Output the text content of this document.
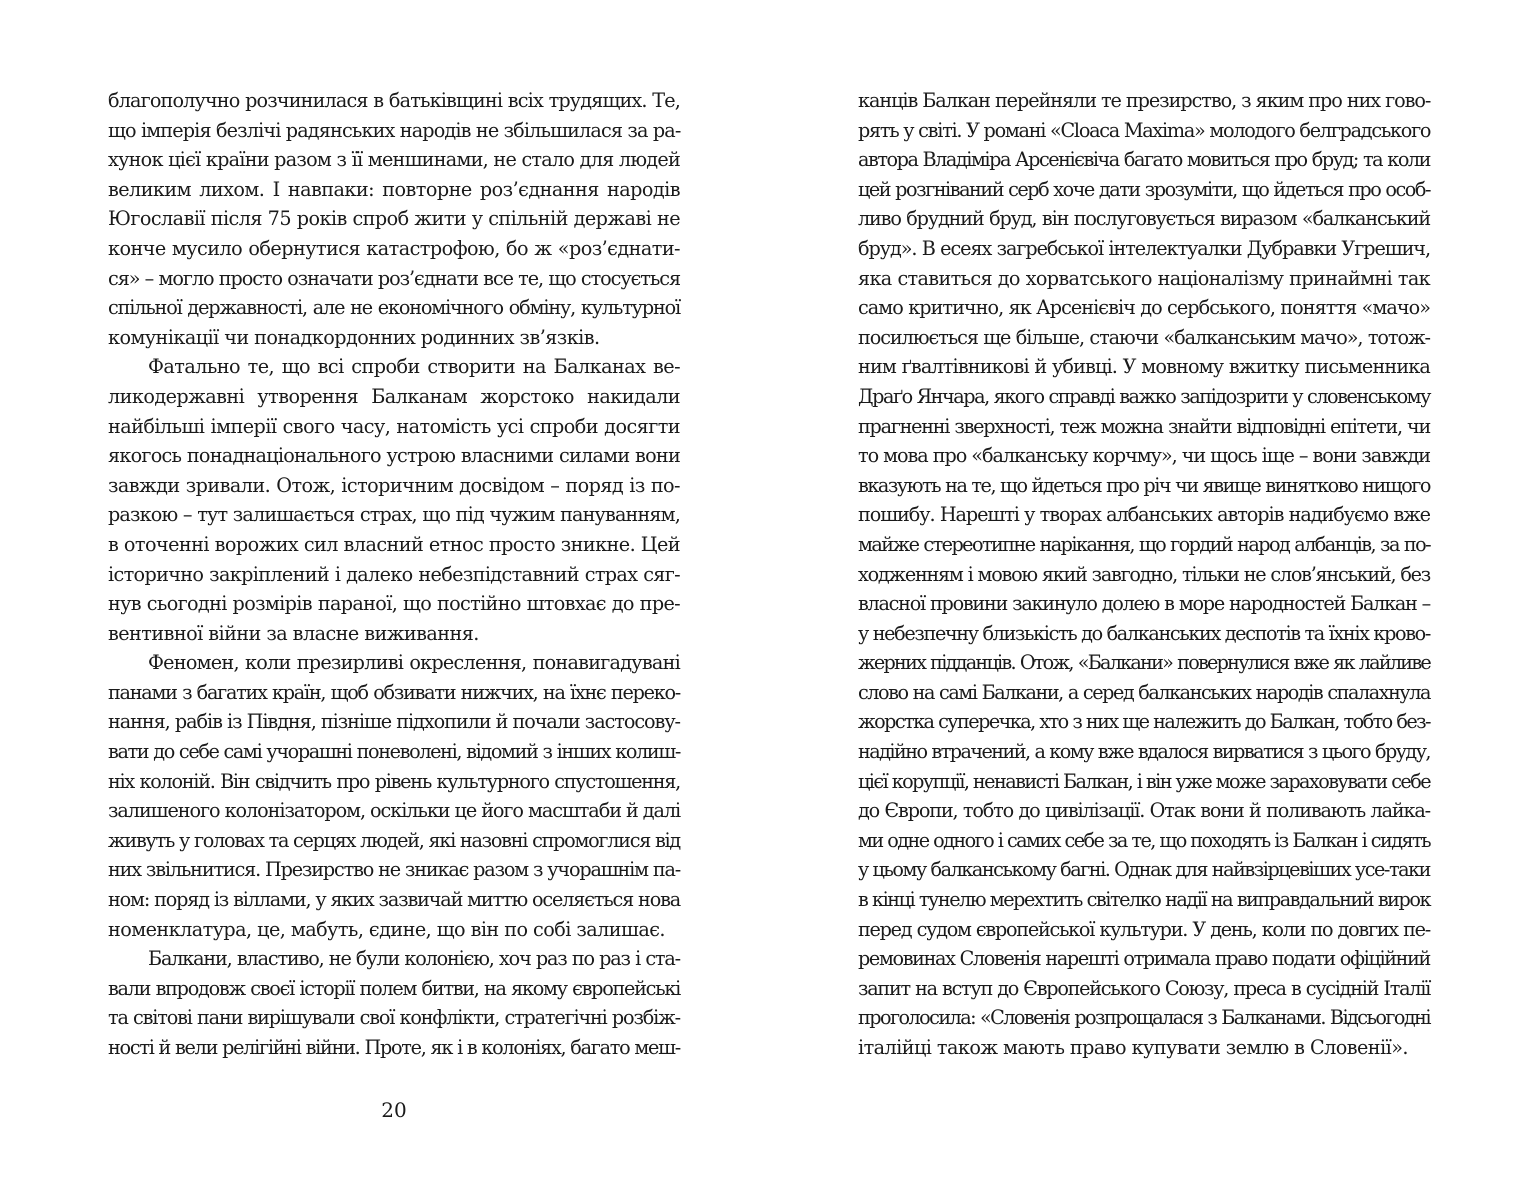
благополучно розчинилася в батьківщині всіх трудящих. Те,
що імперія безлічі радянських народів не збільшилася за ра-
хунок цієї країни разом з її меншинами, не стало для людей
великим лихом. І навпаки: повторне роз’єднання народів
Югославії після 75 років спроб жити у спільній державі не
конче мусило обернутися катастрофою, бо ж «роз’єднати-
ся» – могло просто означати роз’єднати все те, що стосується
спільної державності, але не економічного обміну, культурної
комунікації чи понадкордонних родинних зв’язків.
Фатально те, що всі спроби створити на Балканах ве-
ликодержавні утворення Балканам жорстоко накидали
найбільші імперії свого часу, натомість усі спроби досягти
якогось понаднаціонального устрою власними силами вони
завжди зривали. Отож, історичним досвідом – поряд із по-
разкою – тут залишається страх, що під чужим пануванням,
в оточенні ворожих сил власний етнос просто зникне. Цей
історично закріплений і далеко небезпідставний страх сяг-
нув сьогодні розмірів параної, що постійно штовхає до пре-
вентивної війни за власне виживання.
Феномен, коли презирливі окреслення, понавигадувані
панами з багатих країн, щоб обзивати нижчих, на їхнє переко-
нання, рабів із Півдня, пізніше підхопили й почали застосову-
вати до себе самі учорашні поневолені, відомий з інших колиш-
ніх колоній. Він свідчить про рівень культурного спустошення,
залишеного колонізатором, оскільки це його масштаби й далі
живуть у головах та серцях людей, які назовні спромоглися від
них звільнитися. Презирство не зникає разом з учорашнім па-
ном: поряд із віллами, у яких зазвичай миттю оселяється нова
номенклатура, це, мабуть, єдине, що він по собі залишає.
Балкани, властиво, не були колонією, хоч раз по раз і ста-
вали впродовж своєї історії полем битви, на якому європейські
та світові пани вирішували свої конфлікти, стратегічні розбіж-
ності й вели релігійні війни. Проте, як і в колоніях, багато меш-
20
канців Балкан перейняли те презирство, з яким про них гово-
рять у світі. У романі «Cloaca Maxima» молодого белградського
автора Владіміра Арсенієвіча багато мовиться про бруд; та коли
цей розгніваний серб хоче дати зрозуміти, що йдеться про особ-
ливо брудний бруд, він послуговується виразом «балканський
бруд». В есеях загребської інтелектуалки Дубравки Угрешич,
яка ставиться до хорватського націоналізму принаймні так
само критично, як Арсенієвіч до сербського, поняття «мачо»
посилюється ще більше, стаючи «балканським мачо», тотож-
ним ґвалтівникові й убивці. У мовному вжитку письменника
Драґо Янчара, якого справді важко запідозрити у словенському
прагненні зверхності, теж можна знайти відповідні епітети, чи
то мова про «балканську корчму», чи щось іще – вони завжди
вказують на те, що йдеться про річ чи явище винятково нищого
пошибу. Нарешті у творах албанських авторів надибуємо вже
майже стереотипне нарікання, що гордий народ албанців, за по-
ходженням і мовою який завгодно, тільки не слов’янський, без
власної провини закинуло долею в море народностей Балкан –
у небезпечну близькість до балканських деспотів та їхніх крово-
жерних підданців. Отож, «Балкани» повернулися вже як лайливе
слово на самі Балкани, а серед балканських народів спалахнула
жорстка суперечка, хто з них ще належить до Балкан, тобто без-
надійно втрачений, а кому вже вдалося вирватися з цього бруду,
цієї корупції, ненависті Балкан, і він уже може зараховувати себе
до Європи, тобто до цивілізації. Отак вони й поливають лайка-
ми одне одного і самих себе за те, що походять із Балкан і сидять
у цьому балканському багні. Однак для найвзірцевіших усе-таки
в кінці тунелю мерехтить світелко надії на виправдальний вирок
перед судом європейської культури. У день, коли по довгих пе-
ремовинах Словенія нарешті отримала право подати офіційний
запит на вступ до Європейського Союзу, преса в сусідній Італії
проголосила: «Словенія розпрощалася з Балканами. Відсьогодні
італійці також мають право купувати землю в Словенії».
